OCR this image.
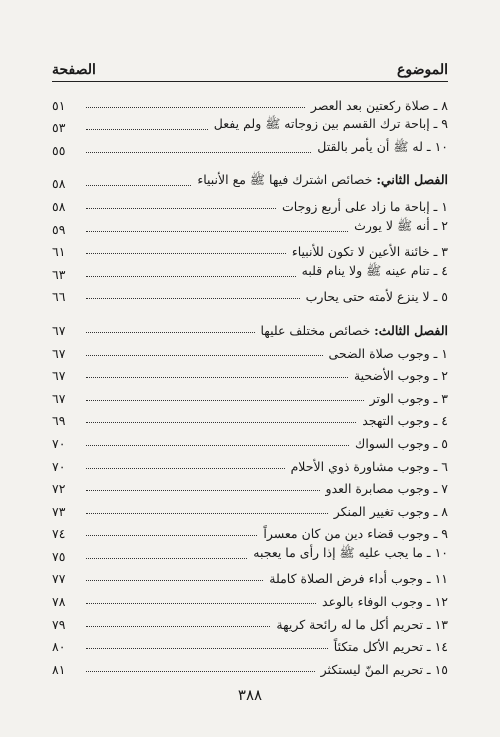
الموضوع
الصفحة
٨ ـ صلاة ركعتين بعد العصر
٥١
٩ ـ إباحة ترك القسم بين زوجاته ﷺ ولم يفعل
٥٣
١٠ ـ له ﷺ أن يأمر بالقتل
٥٥
الفصل الثاني:خصائص اشترك فيها ﷺ مع الأنبياء
٥٨
١ ـ إباحة ما زاد على أربع زوجات
٥٨
٢ ـ أنه ﷺ لا يورث
٥٩
٣ ـ خائنة الأعين لا تكون للأنبياء
٦١
٤ ـ تنام عينه ﷺ ولا ينام قلبه
٦٣
٥ ـ لا ينزع لأمته حتى يحارب
٦٦
الفصل الثالث:خصائص مختلف عليها
٦٧
١ ـ وجوب صلاة الضحى
٦٧
٢ ـ وجوب الأضحية
٦٧
٣ ـ وجوب الوتر
٦٧
٤ ـ وجوب التهجد
٦٩
٥ ـ وجوب السواك
٧٠
٦ ـ وجوب مشاورة ذوي الأحلام
٧٠
٧ ـ وجوب مصابرة العدو
٧٢
٨ ـ وجوب تغيير المنكر
٧٣
٩ ـ وجوب قضاء دين من كان معسراً
٧٤
١٠ ـ ما يجب عليه ﷺ إذا رأى ما يعجبه
٧٥
١١ ـ وجوب أداء فرض الصلاة كاملة
٧٧
١٢ ـ وجوب الوفاء بالوعد
٧٨
١٣ ـ تحريم أكل ما له رائحة كريهة
٧٩
١٤ ـ تحريم الأكل متكئاً
٨٠
١٥ ـ تحريم المنّ ليستكثر
٨١
٣٨٨
